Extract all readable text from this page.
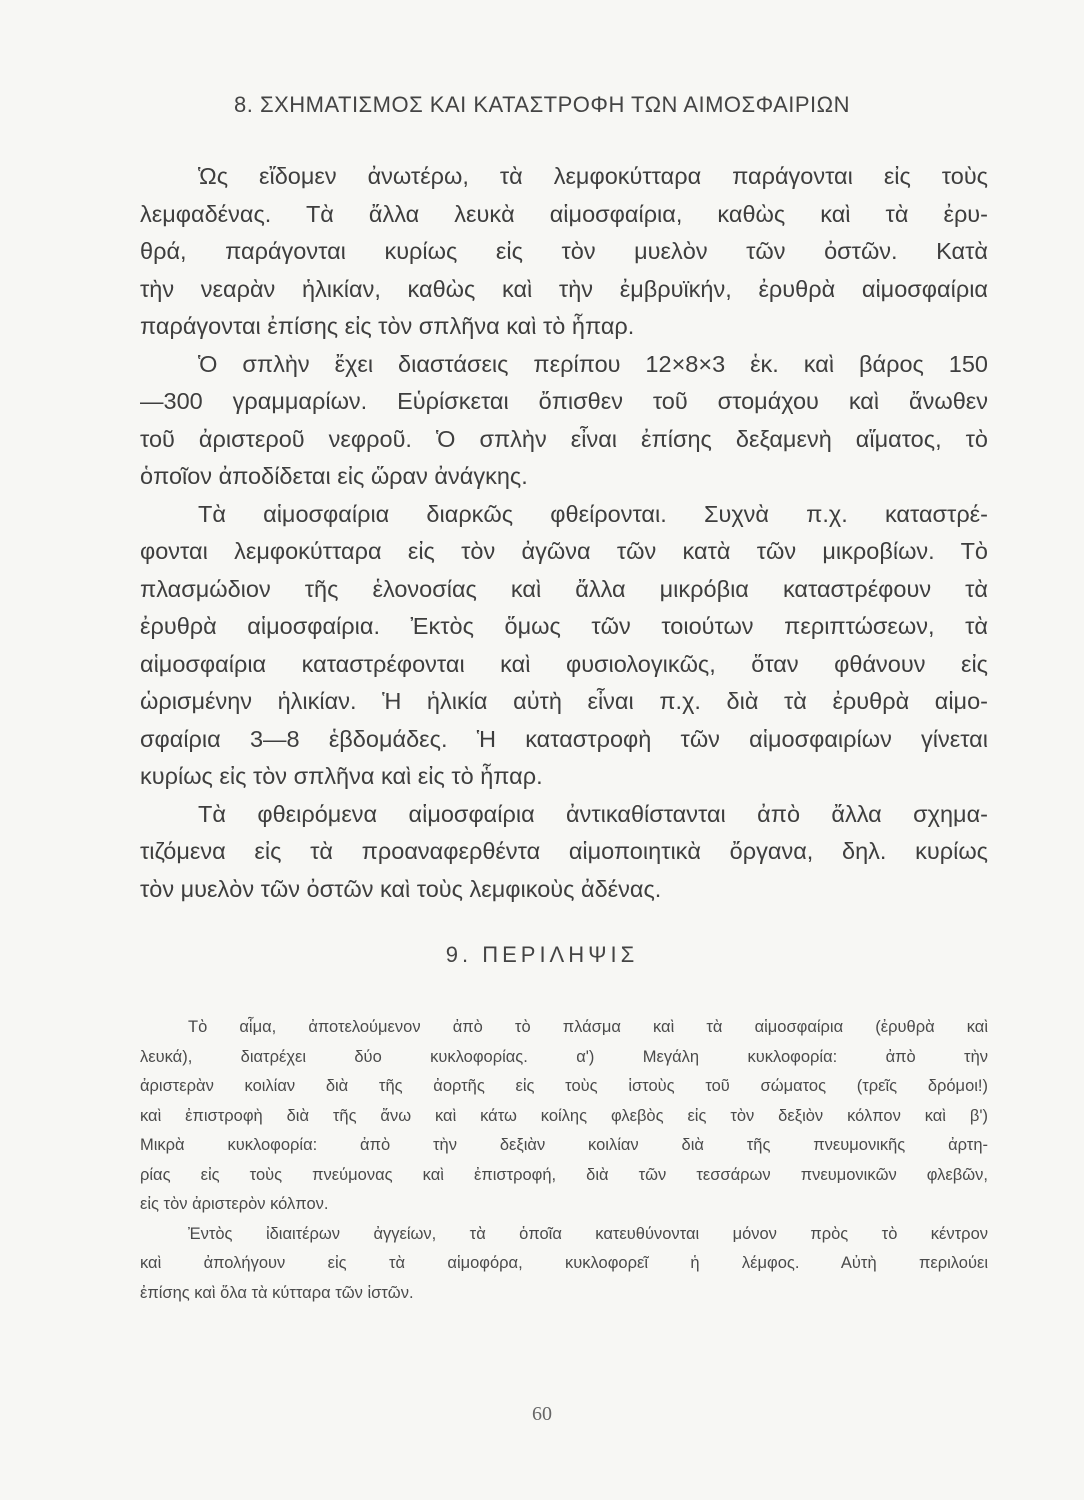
8. ΣΧΗΜΑΤΙΣΜΟΣ ΚΑΙ ΚΑΤΑΣΤΡΟΦΗ ΤΩΝ ΑΙΜΟΣΦΑΙΡΙΩΝ
Ὡς εἴδομεν ἀνωτέρω, τὰ λεμφοκύτταρα παράγονται εἰς τοὺς
λεμφαδένας. Τὰ ἄλλα λευκὰ αἱμοσφαίρια, καθὼς καὶ τὰ ἐρυ-
θρά, παράγονται κυρίως εἰς τὸν μυελὸν τῶν ὀστῶν. Κατὰ
τὴν νεαρὰν ἡλικίαν, καθὼς καὶ τὴν ἐμβρυϊκήν, ἐρυθρὰ αἱμοσφαίρια
παράγονται ἐπίσης εἰς τὸν σπλῆνα καὶ τὸ ἧπαρ.
Ὁ σπλὴν ἔχει διαστάσεις περίπου 12×8×3 ἑκ. καὶ βάρος 150
—300 γραμμαρίων. Εὑρίσκεται ὄπισθεν τοῦ στομάχου καὶ ἄνωθεν
τοῦ ἀριστεροῦ νεφροῦ. Ὁ σπλὴν εἶναι ἐπίσης δεξαμενὴ αἵματος, τὸ
ὁποῖον ἀποδίδεται εἰς ὥραν ἀνάγκης.
Τὰ αἱμοσφαίρια διαρκῶς φθείρονται. Συχνὰ π.χ. καταστρέ-
φονται λεμφοκύτταρα εἰς τὸν ἀγῶνα τῶν κατὰ τῶν μικροβίων. Τὸ
πλασμώδιον τῆς ἑλονοσίας καὶ ἄλλα μικρόβια καταστρέφουν τὰ
ἐρυθρὰ αἱμοσφαίρια. Ἐκτὸς ὅμως τῶν τοιούτων περιπτώσεων, τὰ
αἱμοσφαίρια καταστρέφονται καὶ φυσιολογικῶς, ὅταν φθάνουν εἰς
ὡρισμένην ἡλικίαν. Ἡ ἡλικία αὐτὴ εἶναι π.χ. διὰ τὰ ἐρυθρὰ αἱμο-
σφαίρια 3—8 ἑβδομάδες. Ἡ καταστροφὴ τῶν αἱμοσφαιρίων γίνεται
κυρίως εἰς τὸν σπλῆνα καὶ εἰς τὸ ἧπαρ.
Τὰ φθειρόμενα αἱμοσφαίρια ἀντικαθίστανται ἀπὸ ἄλλα σχημα-
τιζόμενα εἰς τὰ προαναφερθέντα αἱμοποιητικὰ ὄργανα, δηλ. κυρίως
τὸν μυελὸν τῶν ὀστῶν καὶ τοὺς λεμφικοὺς ἀδένας.
9. ΠΕΡΙΛΗΨΙΣ
Τὸ αἷμα, ἀποτελούμενον ἀπὸ τὸ πλάσμα καὶ τὰ αἱμοσφαίρια (ἐρυθρὰ καὶ
λευκά), διατρέχει δύο κυκλοφορίας. α') Μεγάλη κυκλοφορία: ἀπὸ τὴν
ἀριστερὰν κοιλίαν διὰ τῆς ἀορτῆς εἰς τοὺς ἱστοὺς τοῦ σώματος (τρεῖς δρόμοι!)
καὶ ἐπιστροφὴ διὰ τῆς ἄνω καὶ κάτω κοίλης φλεβὸς εἰς τὸν δεξιὸν κόλπον καὶ β')
Μικρὰ κυκλοφορία: ἀπὸ τὴν δεξιὰν κοιλίαν διὰ τῆς πνευμονικῆς ἀρτη-
ρίας εἰς τοὺς πνεύμονας καὶ ἐπιστροφή, διὰ τῶν τεσσάρων πνευμονικῶν φλεβῶν,
εἰς τὸν ἀριστερὸν κόλπον.
Ἐντὸς ἰδιαιτέρων ἀγγείων, τὰ ὁποῖα κατευθύνονται μόνον πρὸς τὸ κέντρον
καὶ ἀπολήγουν εἰς τὰ αἱμοφόρα, κυκλοφορεῖ ἡ λέμφος. Αὐτὴ περιλούει
ἐπίσης καὶ ὅλα τὰ κύτταρα τῶν ἱστῶν.
60
